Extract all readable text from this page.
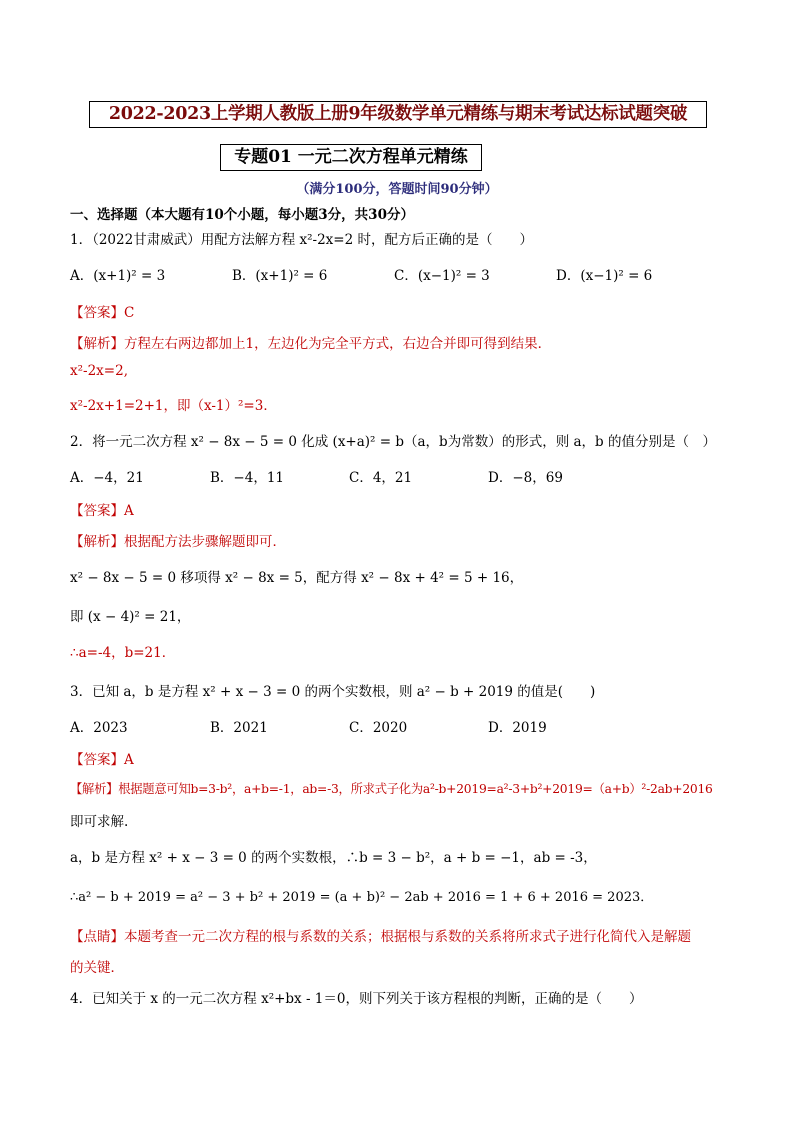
2022-2023上学期人教版上册9年级数学单元精练与期末考试达标试题突破
专题01 一元二次方程单元精练
（满分100分，答题时间90分钟）
一、选择题（本大题有10个小题，每小题3分，共30分）
1．（2022甘肃威武）用配方法解方程 x²-2x=2 时，配方后正确的是（　　）
A．(x+1)² = 3	B．(x+1)² = 6	C．(x−1)² = 3	D．(x−1)² = 6
【答案】C
【解析】方程左右两边都加上1，左边化为完全平方式，右边合并即可得到结果．
x²-2x=2,
x²-2x+1=2+1，即（x-1）²=3．
2．将一元二次方程 x² − 8x − 5 = 0 化成 (x+a)² = b（a，b为常数）的形式，则 a，b 的值分别是（　）
A．−4，21	B．−4，11	C．4，21	D．−8，69
【答案】A
【解析】根据配方法步骤解题即可．
x² − 8x − 5 = 0 移项得 x² − 8x = 5，配方得 x² − 8x + 4² = 5 + 16，
即 (x − 4)² = 21，
∴a=-4，b=21．
3．已知 a，b 是方程 x² + x − 3 = 0 的两个实数根，则 a² − b + 2019 的值是(　　)
A．2023	B．2021	C．2020	D．2019
【答案】A
【解析】根据题意可知b=3-b²，a+b=-1，ab=-3，所求式子化为a²-b+2019=a²-3+b²+2019=（a+b）²-2ab+2016
即可求解.
a，b 是方程 x² + x − 3 = 0 的两个实数根，∴b = 3 − b²，a + b = −1，ab = -3，
∴a² − b + 2019 = a² − 3 + b² + 2019 = (a + b)² − 2ab + 2016 = 1 + 6 + 2016 = 2023．
【点睛】本题考查一元二次方程的根与系数的关系；根据根与系数的关系将所求式子进行化简代入是解题
的关键．
4．已知关于 x 的一元二次方程 x²+bx - 1＝0，则下列关于该方程根的判断，正确的是（　　）
